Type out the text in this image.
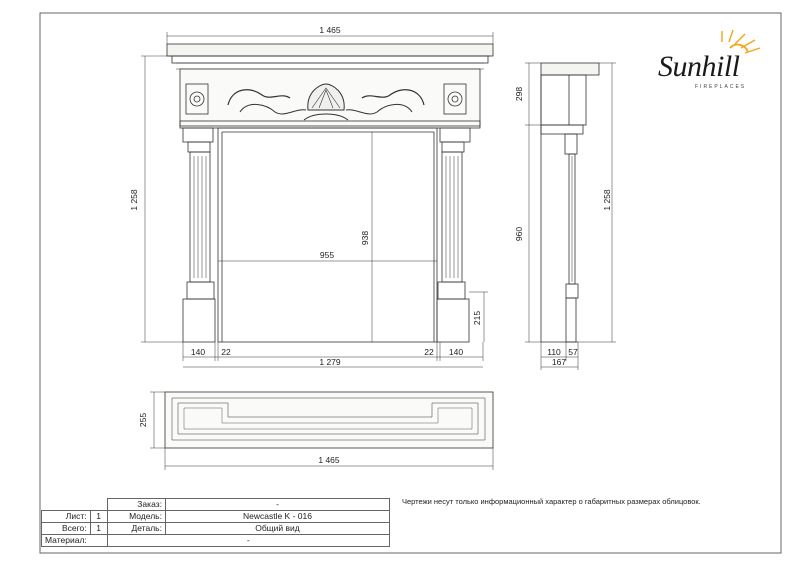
1 465
1 258
955
938
215
140 22	22 140
1 279
298
960
1 258
110 57
167
255
1 465
Sunhill
FIREPLACES
		Заказ:	-
Лист:	1	Модель:	Newcastle K - 016
Всего:	1	Деталь:	Общий вид
Материал:		-	
Чертежи несут только информационный характер о габаритных размерах облицовок.
